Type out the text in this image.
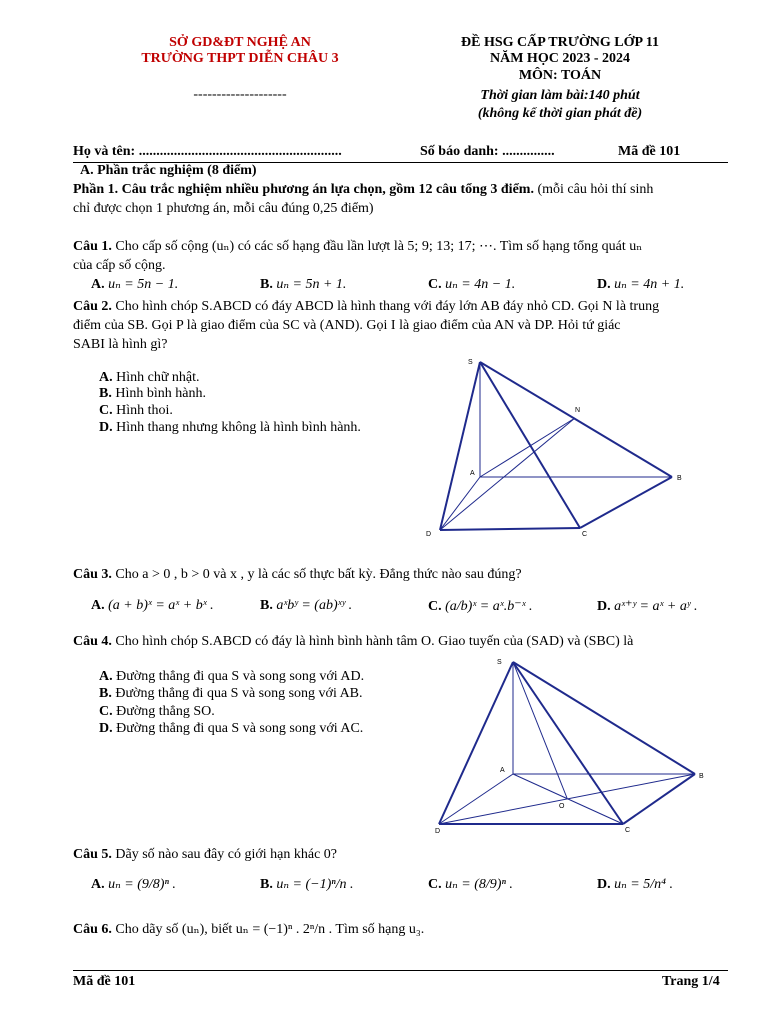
SỞ GD&ĐT NGHỆ AN
TRƯỜNG THPT DIỄN CHÂU 3
--------------------
ĐỀ HSG CẤP TRƯỜNG LỚP 11
NĂM HỌC 2023 - 2024
MÔN: TOÁN
Thời gian làm bài:140 phút
(không kể thời gian phát đề)
Họ và tên: ..........................................................	Số báo danh: ...............	Mã đề 101
A. Phần trắc nghiệm (8 điểm)
Phần 1. Câu trắc nghiệm nhiều phương án lựa chọn, gồm 12 câu tổng 3 điểm. (mỗi câu hỏi thí sinh
chỉ được chọn 1 phương án, mỗi câu đúng 0,25 điểm)
Câu 1. Cho cấp số cộng (uₙ) có các số hạng đầu lần lượt là 5; 9; 13; 17; ⋯. Tìm số hạng tổng quát uₙ
của cấp số cộng.
A. uₙ = 5n − 1.	B. uₙ = 5n + 1.	C. uₙ = 4n − 1.	D. uₙ = 4n + 1.
Câu 2. Cho hình chóp S.ABCD có đáy ABCD là hình thang với đáy lớn AB đáy nhỏ CD. Gọi N là trung
điểm của SB. Gọi P là giao điểm của SC và (AND). Gọi I là giao điểm của AN và DP. Hỏi tứ giác
SABI là hình gì?
A. Hình chữ nhật.
B. Hình bình hành.
C. Hình thoi.
D. Hình thang nhưng không là hình bình hành.
S
N
A
B
C
D
Câu 3. Cho a > 0 , b > 0 và x , y là các số thực bất kỳ. Đẳng thức nào sau đúng?
A. (a + b)ˣ = aˣ + bˣ .	B. aˣbʸ = (ab)ˣʸ .	C. (a/b)ˣ = aˣ.b⁻ˣ .	D. aˣ⁺ʸ = aˣ + aʸ .
Câu 4. Cho hình chóp S.ABCD có đáy là hình bình hành tâm O. Giao tuyến của (SAD) và (SBC) là
A. Đường thẳng đi qua S và song song với AD.
B. Đường thẳng đi qua S và song song với AB.
C. Đường thẳng SO.
D. Đường thẳng đi qua S và song song với AC.
S
A
B
O
C
D
Câu 5. Dãy số nào sau đây có giới hạn khác 0?
A. uₙ = (9/8)ⁿ .	B. uₙ = (−1)ⁿ/n .	C. uₙ = (8/9)ⁿ .	D. uₙ = 5/n⁴ .
Câu 6. Cho dãy số (uₙ), biết uₙ = (−1)ⁿ . 2ⁿ/n . Tìm số hạng u₃.
Mã đề 101	Trang 1/4
